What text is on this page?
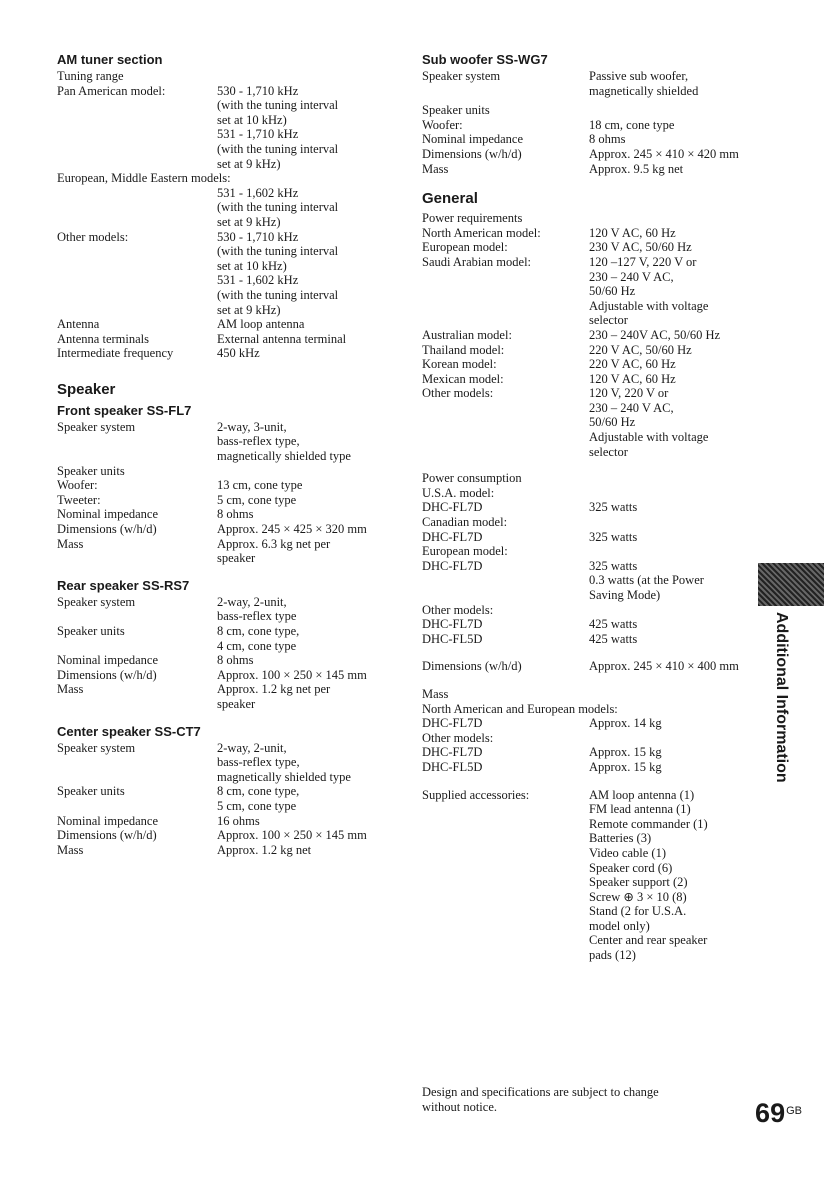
AM tuner section
Tuning range
Pan American model:	530 - 1,710 kHz
(with the tuning interval
set at 10 kHz)
531 - 1,710 kHz
(with the tuning interval
set at 9 kHz)
European, Middle Eastern models:
531 - 1,602 kHz
(with the tuning interval
set at 9 kHz)
Other models:	530 - 1,710 kHz
(with the tuning interval
set at 10 kHz)
531 - 1,602 kHz
(with the tuning interval
set at 9 kHz)
Antenna	AM loop antenna
Antenna terminals	External antenna terminal
Intermediate frequency	450 kHz
Speaker
Front speaker SS-FL7
Speaker system	2-way, 3-unit,
bass-reflex type,
magnetically shielded type
Speaker units
Woofer:	13 cm, cone type
Tweeter:	5 cm, cone type
Nominal impedance	8 ohms
Dimensions (w/h/d)	Approx. 245 × 425 × 320 mm
Mass	Approx. 6.3 kg net per
speaker
Rear speaker SS-RS7
Speaker system	2-way, 2-unit,
bass-reflex type
Speaker units	8 cm, cone type,
4 cm, cone type
Nominal impedance	8 ohms
Dimensions (w/h/d)	Approx. 100 × 250 × 145 mm
Mass	Approx. 1.2 kg net per
speaker
Center speaker SS-CT7
Speaker system	2-way, 2-unit,
bass-reflex type,
magnetically shielded type
Speaker units	8 cm, cone type,
5 cm, cone type
Nominal impedance	16 ohms
Dimensions (w/h/d)	Approx. 100 × 250 × 145 mm
Mass	Approx. 1.2 kg net
Sub woofer SS-WG7
Speaker system	Passive sub woofer,
magnetically shielded
Speaker units
Woofer:	18 cm, cone type
Nominal impedance	8 ohms
Dimensions (w/h/d)	Approx. 245 × 410 × 420 mm
Mass	Approx. 9.5 kg net
General
Power requirements
North American model:	120 V AC, 60 Hz
European model:	230 V AC, 50/60 Hz
Saudi Arabian model:	120 –127 V, 220 V or
230 – 240 V AC,
50/60 Hz
Adjustable with voltage
selector
Australian model:	230 – 240V AC, 50/60 Hz
Thailand model:	220 V AC, 50/60 Hz
Korean model:	220 V AC, 60 Hz
Mexican model:	120 V AC, 60 Hz
Other models:	120 V, 220 V or
230 – 240 V AC,
50/60 Hz
Adjustable with voltage
selector
Power consumption
U.S.A. model:
DHC-FL7D	325 watts
Canadian model:
DHC-FL7D	325 watts
European model:
DHC-FL7D	325 watts
0.3 watts (at the Power
Saving Mode)
Other models:
DHC-FL7D	425 watts
DHC-FL5D	425 watts
Dimensions (w/h/d)	Approx. 245 × 410 × 400 mm
Mass
North American and European models:
DHC-FL7D	Approx. 14 kg
Other models:
DHC-FL7D	Approx. 15 kg
DHC-FL5D	Approx. 15 kg
Supplied accessories:	AM loop antenna (1)
FM lead antenna (1)
Remote commander (1)
Batteries (3)
Video cable (1)
Speaker cord (6)
Speaker support (2)
Screw ⊕ 3 × 10 (8)
Stand (2 for U.S.A.
model only)
Center and rear speaker
pads (12)
Design and specifications are subject to change
without notice.
Additional Information
$69^{GB}$
